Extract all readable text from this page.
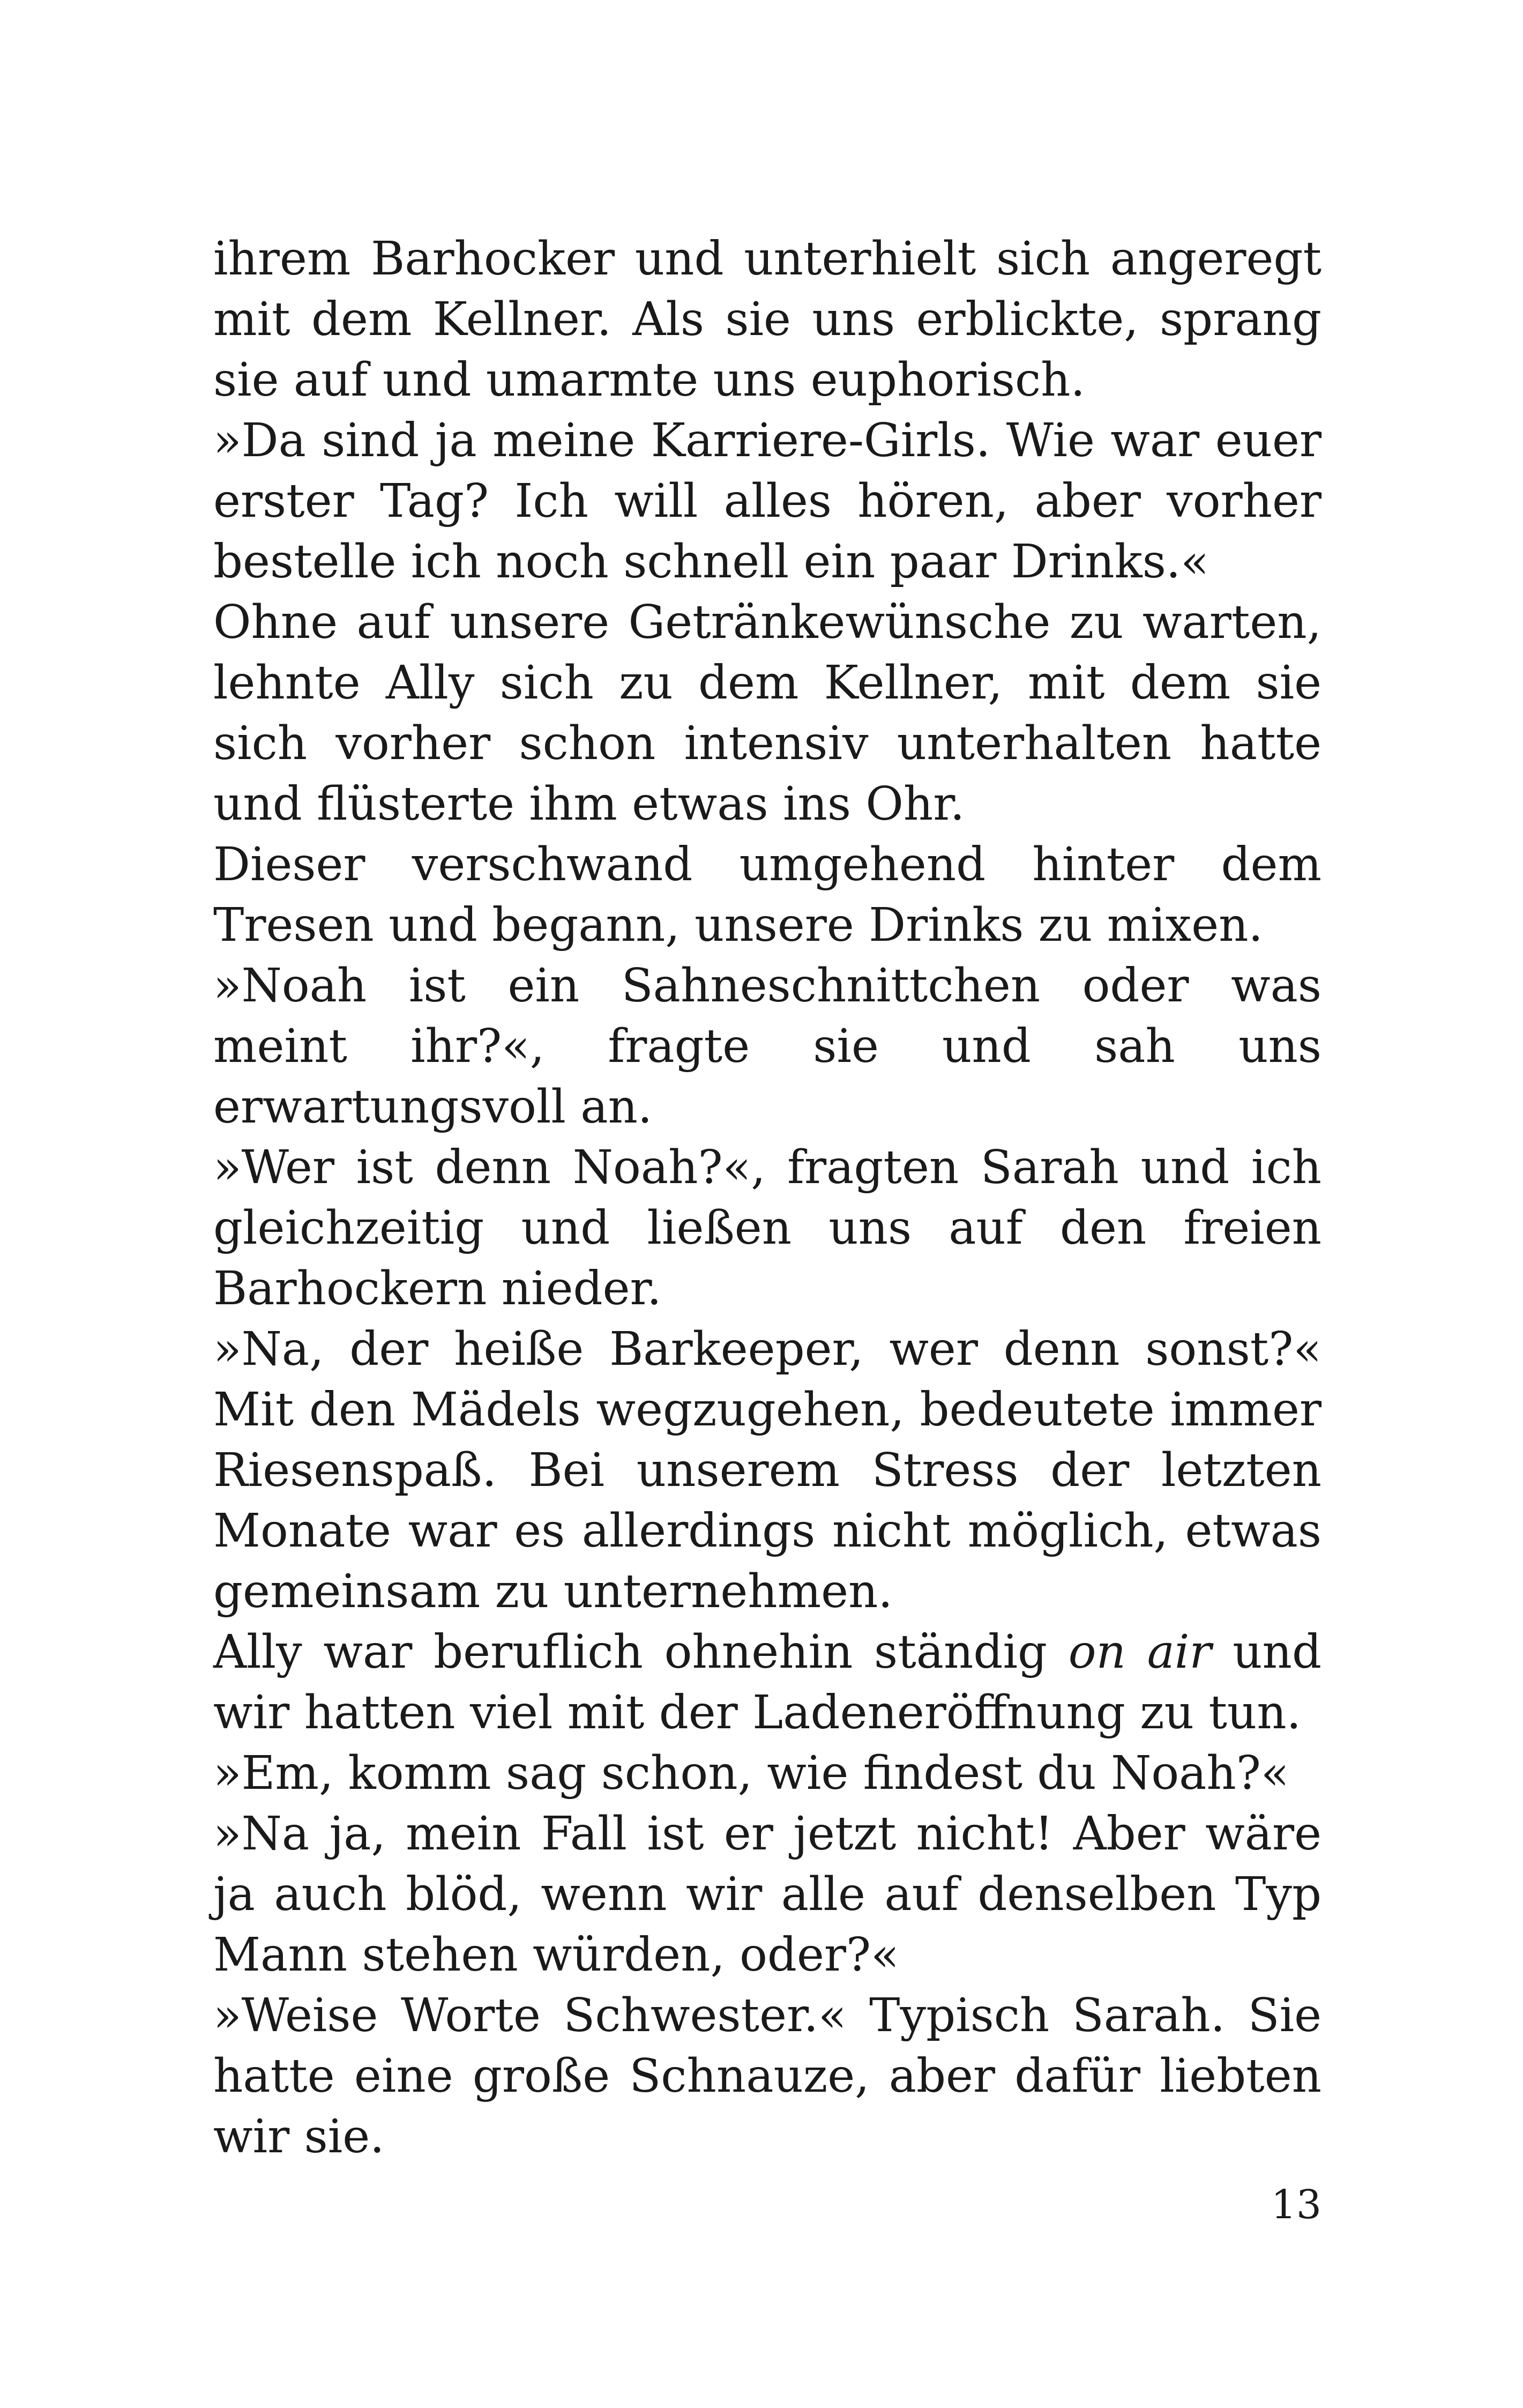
ihrem Barhocker und unterhielt sich angeregt mit dem Kellner. Als sie uns erblickte, sprang sie auf und umarmte uns euphorisch.

»Da sind ja meine Karriere-Girls. Wie war euer erster Tag? Ich will alles hören, aber vorher bestelle ich noch schnell ein paar Drinks.«

Ohne auf unsere Getränkewünsche zu warten, lehnte Ally sich zu dem Kellner, mit dem sie sich vorher schon intensiv unterhalten hatte und flüsterte ihm etwas ins Ohr.

Dieser verschwand umgehend hinter dem Tresen und begann, unsere Drinks zu mixen.

»Noah ist ein Sahneschnittchen oder was meint ihr?«, fragte sie und sah uns erwartungsvoll an.

»Wer ist denn Noah?«, fragten Sarah und ich gleichzeitig und ließen uns auf den freien Barhockern nieder.

»Na, der heiße Barkeeper, wer denn sonst?« Mit den Mädels wegzugehen, bedeutete immer Riesenspaß. Bei unserem Stress der letzten Monate war es allerdings nicht möglich, etwas gemeinsam zu unternehmen.

Ally war beruflich ohnehin ständig on air und wir hatten viel mit der Ladeneröffnung zu tun.

»Em, komm sag schon, wie findest du Noah?«

»Na ja, mein Fall ist er jetzt nicht! Aber wäre ja auch blöd, wenn wir alle auf denselben Typ Mann stehen würden, oder?«

»Weise Worte Schwester.« Typisch Sarah. Sie hatte eine große Schnauze, aber dafür liebten wir sie.

13
